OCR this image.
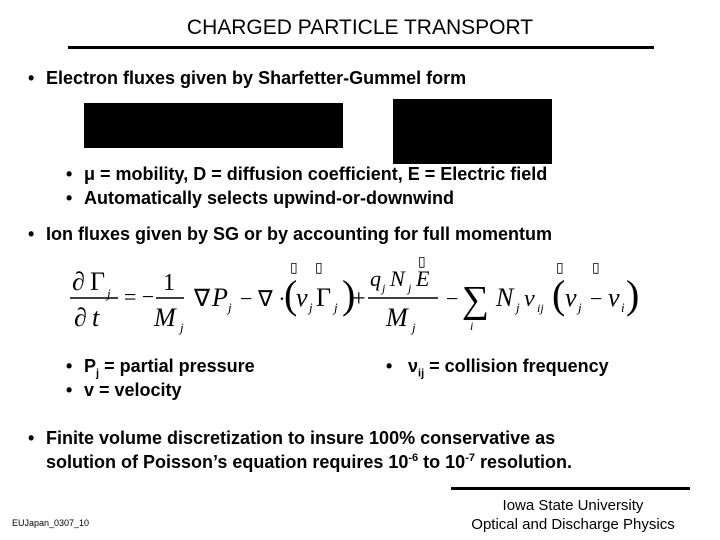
CHARGED PARTICLE TRANSPORT
• Electron fluxes given by Sharfetter-Gummel form
• μ = mobility, D = diffusion coefficient, E = Electric field
• Automatically selects upwind-or-downwind
• Ion fluxes given by SG or by accounting for full momentum
∂ Γ j
∂ t
= −
1
M j
∇ P j − ∇ ·
(
▯
v j
▯
Γ j )
+
q j N j E
▯
M j
− ∑
i
N j ν ij (
▯
v j −
▯
v i )
• $P_j$ = partial pressure
• v = velocity
• $\nu_{ij}$ = collision frequency
• Finite volume discretization to insure 100% conservative as
solution of Poisson’s equation requires $10^{-6}$ to $10^{-7}$ resolution.
EUJapan_0307_10
Iowa State University
Optical and Discharge Physics
